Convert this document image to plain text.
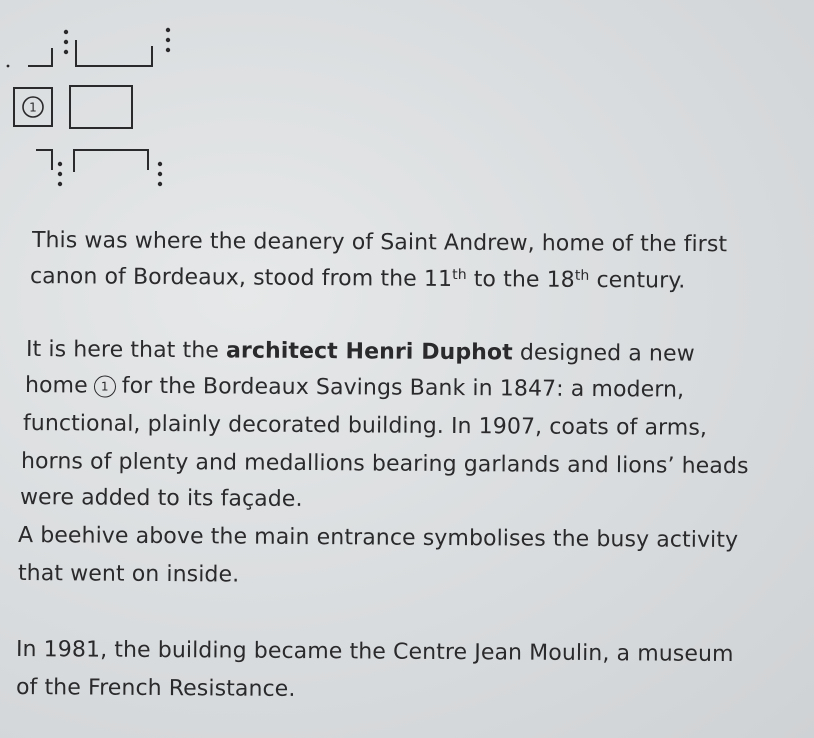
1
This was where the deanery of Saint Andrew, home of the first
canon of Bordeaux, stood from the 11th to the 18th century.
It is here that the architect Henri Duphot designed a new
home 1 for the Bordeaux Savings Bank in 1847: a modern,
functional, plainly decorated building. In 1907, coats of arms,
horns of plenty and medallions bearing garlands and lions’ heads
were added to its façade.
A beehive above the main entrance symbolises the busy activity
that went on inside.
In 1981, the building became the Centre Jean Moulin, a museum
of the French Resistance.
